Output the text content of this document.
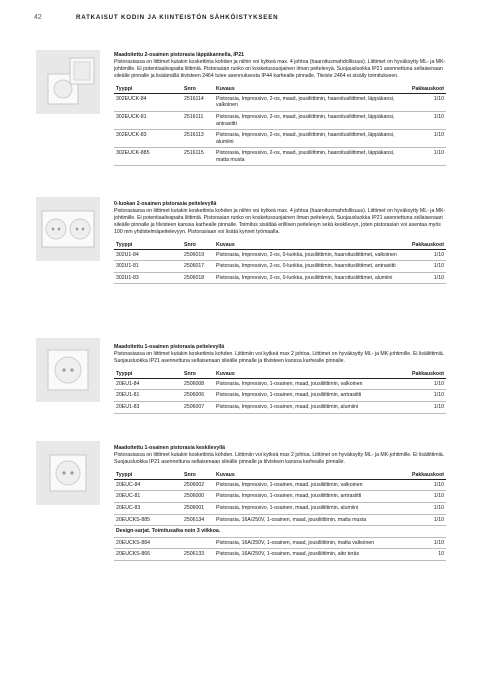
42	RATKAISUT KODIN JA KIINTEISTÖN SÄHKÖISTYKSEEN
Maadoitettu 2-osainen pistorasia läppäkannella, IP21
Pistorasiassa on liittimet kutakin koskettinta kohden ja niihin voi kytkeä max. 4 johtoa (haaroitusmahdollisuus). Liittimet on hyväksytty ML- ja MK-johtimille. Ei potentiaalivapaita liittimiä. Pistorasian runko on kosketussuojainen ilman peitelevyä. Suojausluokka IP21 asennettuna sellaisenaan sileälle pinnalle ja lisäämällä tiivisteen 2464 tulee asennuksesta IP44 karhealle pinnalle. Tiiviste 2464 ei sisälly toimitukseen.
Tyyppi	Snro	Kuvaus	Pakkauskoot
302EUCK-84	2516114	Pistorasia, Impressivo, 2-os, maad, jousiliittimin, haaroitusliittimet, läppäkansi, valkoinen	1/10
302EUCK-81	2516111	Pistorasia, Impressivo, 2-os, maad, jousiliittimin, haaroitusliittimet, läppäkansi, antrasiitti	1/10
302EUCK-83	2516113	Pistorasia, Impressivo, 2-os, maad, jousiliittimin, haaroitusliittimet, läppäkansi, alumiini	1/10
302EUCK-885	2516115	Pistorasia, Impressivo, 2-os, maad, jousiliittimin, haaroitusliittimet, läppäkansi, matta musta	1/10
0-luokan 2-osainen pistorasia peitelevyllä
Pistorasiassa on liittimet kutakin koskettinta kohden ja niihin voi kytkeä max. 4 johtoa (haaroitusmahdollisuus). Liittimet on hyväksytty ML- ja MK-johtimille. Ei potentiaalivapaita liittimiä. Pistorasian runko on kosketussuojainen ilman peitelevyä. Suojausluokka IP21 asennettuna sellaisenaan sileälle pinnalle ja tilvisteen kanssa karhealle pinnalle. Toimitus sisältää erillisen peitelevyn sekä keskilevyn, joten pistorasian voi asentaa myös 100 mm yhdistelmäpeitelevyyn. Pistorasiaan voi lisätä kynnet työmaalla.
Tyyppi	Snro	Kuvaus	Pakkauskoot
302U1-84	2506019	Pistorasia, Impressivo, 2-os, 0-luokka, jousiliittimin, haaroitusliittimet, valkoinen	1/10
302U1-81	2506017	Pistorasia, Impressivo, 2-os, 0-luokka, jousiliittimin, haaroitusliittimet, antrasiitti	1/10
302U1-83	2506018	Pistorasia, Impressivo, 2-os, 0-luokka, jousiliittimin, haaroitusliittimet, alumiini	1/10
Maadoitettu 1-osainen pistorasia peitelevyllä
Pistorasiassa on liittimet kutakin koskettinta kohden. Liittimiin voi kytkeä max 2 johtoa. Liittimet on hyväksytty ML- ja MK-johtimille. Ei lisäliittimiä. Suojausluokka IP21 asennettuna sellaisenaan sileälle pinnalle ja tilvisteen kanssa karhealle pinnalle.
Tyyppi	Snro	Kuvaus	Pakkauskoot
20EU1-84	2506008	Pistorasia, Impressivo, 1-osainen, maad, jousiliittimin, valkoinen	1/10
20EU1-81	2506006	Pistorasia, Impressivo, 1-osainen, maad, jousiliittimin, antrasiitti	1/10
20EU1-83	2506007	Pistorasia, Impressivo, 1-osainen, maad, jousiliittimin, alumiini	1/10
Maadoitettu 1-osainen pistorasia keskilevyllä
Pistorasiassa on liittimet kutakin koskettinta kohden. Liittimiin voi kytkeä max 2 johtoa. Liittimet on hyväksytty ML- ja MK-johtimille. Ei lisäliittimiä. Suojausluokka IP21 asennettuna sellaisenaan sileälle pinnalle ja tilvisteen kanssa karhealle pinnalle.
Tyyppi	Snro	Kuvaus	Pakkauskoot
20EUC-84	2506002	Pistorasia, Impressivo, 1-osainen, maad, jousiliittimin, valkoinen	1/10
20EUC-81	2506000	Pistorasia, Impressivo, 1-osainen, maad, jousiliittimin, antrasiitti	1/10
20EUC-83	2506001	Pistorasia, Impressivo, 1-osainen, maad, jousiliittimin, alumiini	1/10
20EUCKS-885	2506134	Pistorasia, 16A/250V, 1-osainen, maad, jousiliittimin, matta musta	1/10
Design-sarjat. Toimitusaika noin 3 viikkoa.			
20EUCKS-884		Pistorasia, 16A/250V, 1-osainen, maad, jousiliittimin, matta valkoinen	1/10
20EUCKS-866	2506133	Pistorasia, 16A/250V, 1-osainen, maad, jousiliittimin, aito teräs	10
